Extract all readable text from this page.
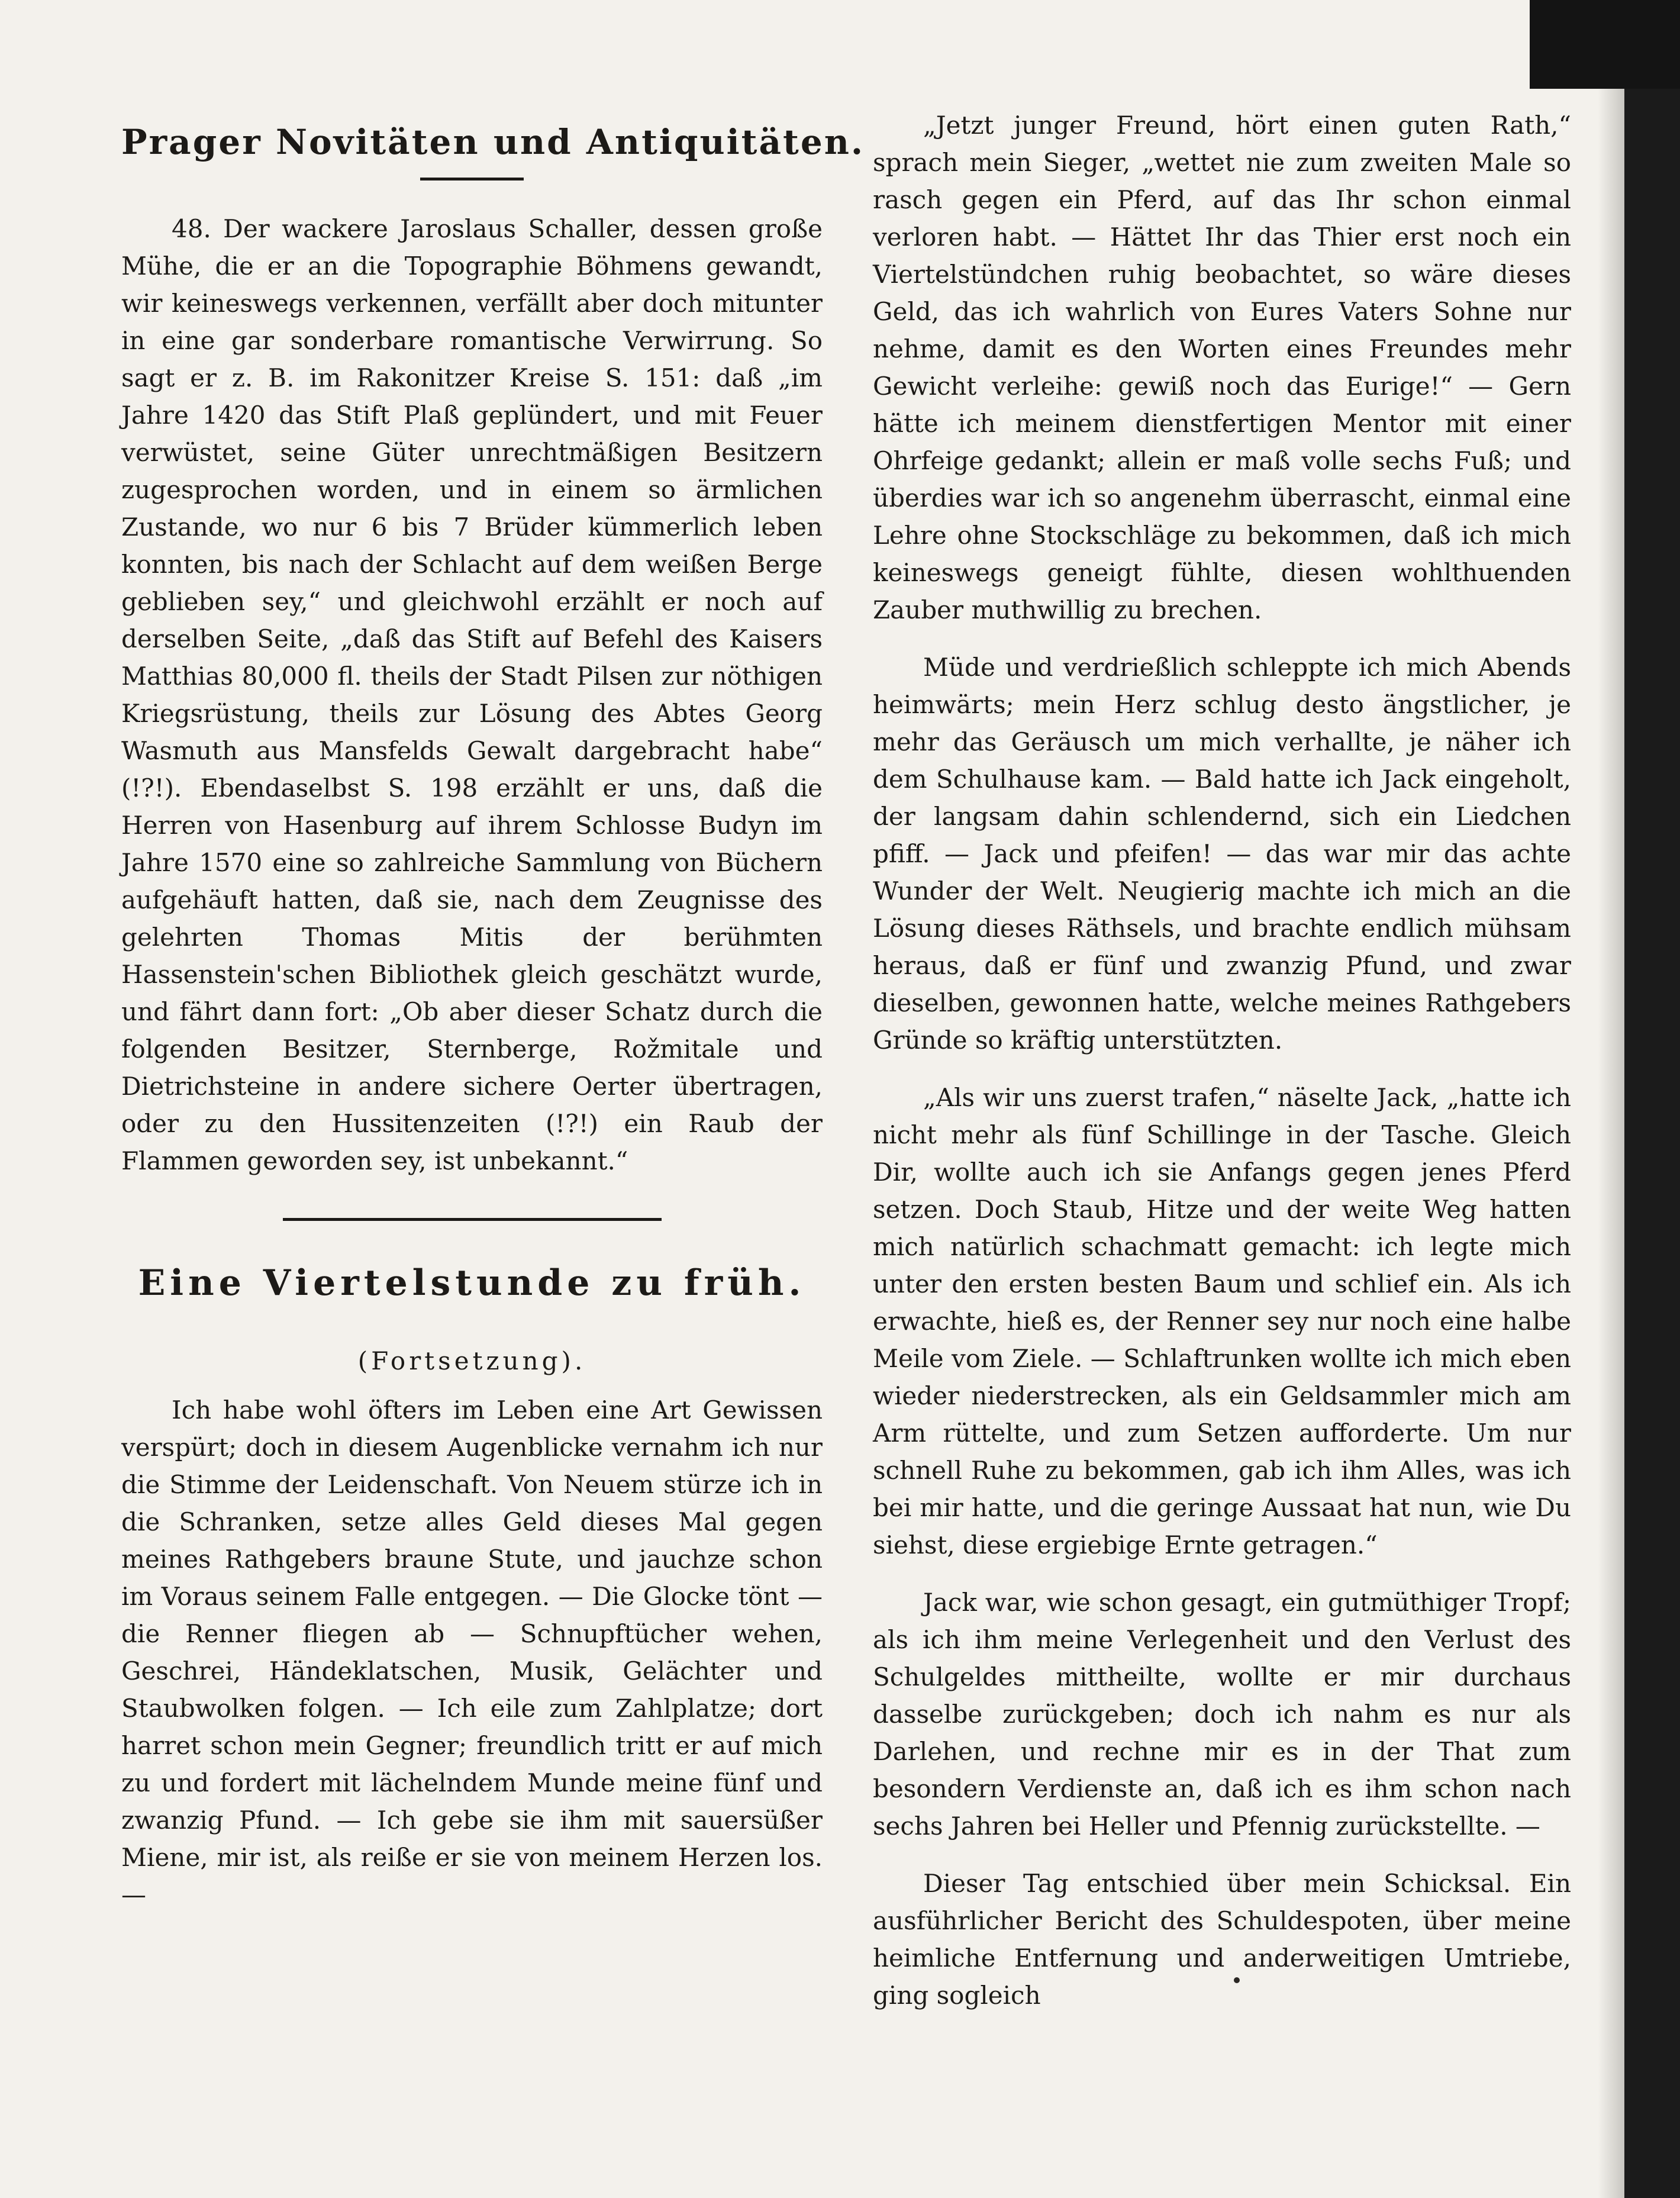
Prager Novitäten und Antiquitäten.

48. Der wackere Jaroslaus Schaller, dessen große Mühe, die er an die Topographie Böhmens gewandt, wir keineswegs verkennen, verfällt aber doch mitunter in eine gar sonderbare romantische Verwirrung. So sagt er z. B. im Rakonitzer Kreise S. 151: daß „im Jahre 1420 das Stift Plaß geplündert, und mit Feuer verwüstet, seine Güter unrechtmäßigen Besitzern zugesprochen worden, und in einem so ärmlichen Zustande, wo nur 6 bis 7 Brüder kümmerlich leben konnten, bis nach der Schlacht auf dem weißen Berge geblieben sey,“ und gleichwohl erzählt er noch auf derselben Seite, „daß das Stift auf Befehl des Kaisers Matthias 80,000 fl. theils der Stadt Pilsen zur nöthigen Kriegsrüstung, theils zur Lösung des Abtes Georg Wasmuth aus Mansfelds Gewalt dargebracht habe“ (!?!). Ebendaselbst S. 198 erzählt er uns, daß die Herren von Hasenburg auf ihrem Schlosse Budyn im Jahre 1570 eine so zahlreiche Sammlung von Büchern aufgehäuft hatten, daß sie, nach dem Zeugnisse des gelehrten Thomas Mitis der berühmten Hassenstein'schen Bibliothek gleich geschätzt wurde, und fährt dann fort: „Ob aber dieser Schatz durch die folgenden Besitzer, Sternberge, Rožmitale und Dietrichsteine in andere sichere Oerter übertragen, oder zu den Hussitenzeiten (!?!) ein Raub der Flammen geworden sey, ist unbekannt.“

Eine Viertelstunde zu früh.
(Fortsetzung).

Ich habe wohl öfters im Leben eine Art Gewissen verspürt; doch in diesem Augenblicke vernahm ich nur die Stimme der Leidenschaft. Von Neuem stürze ich in die Schranken, setze alles Geld dieses Mal gegen meines Rathgebers braune Stute, und jauchze schon im Voraus seinem Falle entgegen. — Die Glocke tönt — die Renner fliegen ab — Schnupftücher wehen, Geschrei, Händeklatschen, Musik, Gelächter und Staubwolken folgen. — Ich eile zum Zahlplatze; dort harret schon mein Gegner; freundlich tritt er auf mich zu und fordert mit lächelndem Munde meine fünf und zwanzig Pfund. — Ich gebe sie ihm mit sauersüßer Miene, mir ist, als reiße er sie von meinem Herzen los. —

„Jetzt junger Freund, hört einen guten Rath,“ sprach mein Sieger, „wettet nie zum zweiten Male so rasch gegen ein Pferd, auf das Ihr schon einmal verloren habt. — Hättet Ihr das Thier erst noch ein Viertelstündchen ruhig beobachtet, so wäre dieses Geld, das ich wahrlich von Eures Vaters Sohne nur nehme, damit es den Worten eines Freundes mehr Gewicht verleihe: gewiß noch das Eurige!“ — Gern hätte ich meinem dienstfertigen Mentor mit einer Ohrfeige gedankt; allein er maß volle sechs Fuß; und überdies war ich so angenehm überrascht, einmal eine Lehre ohne Stockschläge zu bekommen, daß ich mich keineswegs geneigt fühlte, diesen wohlthuenden Zauber muthwillig zu brechen.

Müde und verdrießlich schleppte ich mich Abends heimwärts; mein Herz schlug desto ängstlicher, je mehr das Geräusch um mich verhallte, je näher ich dem Schulhause kam. — Bald hatte ich Jack eingeholt, der langsam dahin schlendernd, sich ein Liedchen pfiff. — Jack und pfeifen! — das war mir das achte Wunder der Welt. Neugierig machte ich mich an die Lösung dieses Räthsels, und brachte endlich mühsam heraus, daß er fünf und zwanzig Pfund, und zwar dieselben, gewonnen hatte, welche meines Rathgebers Gründe so kräftig unterstützten.

„Als wir uns zuerst trafen,“ näselte Jack, „hatte ich nicht mehr als fünf Schillinge in der Tasche. Gleich Dir, wollte auch ich sie Anfangs gegen jenes Pferd setzen. Doch Staub, Hitze und der weite Weg hatten mich natürlich schachmatt gemacht: ich legte mich unter den ersten besten Baum und schlief ein. Als ich erwachte, hieß es, der Renner sey nur noch eine halbe Meile vom Ziele. — Schlaftrunken wollte ich mich eben wieder niederstrecken, als ein Geldsammler mich am Arm rüttelte, und zum Setzen aufforderte. Um nur schnell Ruhe zu bekommen, gab ich ihm Alles, was ich bei mir hatte, und die geringe Aussaat hat nun, wie Du siehst, diese ergiebige Ernte getragen.“

Jack war, wie schon gesagt, ein gutmüthiger Tropf; als ich ihm meine Verlegenheit und den Verlust des Schulgeldes mittheilte, wollte er mir durchaus dasselbe zurückgeben; doch ich nahm es nur als Darlehen, und rechne mir es in der That zum besondern Verdienste an, daß ich es ihm schon nach sechs Jahren bei Heller und Pfennig zurückstellte. —

Dieser Tag entschied über mein Schicksal. Ein ausführlicher Bericht des Schuldespoten, über meine heimliche Entfernung und anderweitigen Umtriebe, ging sogleich
